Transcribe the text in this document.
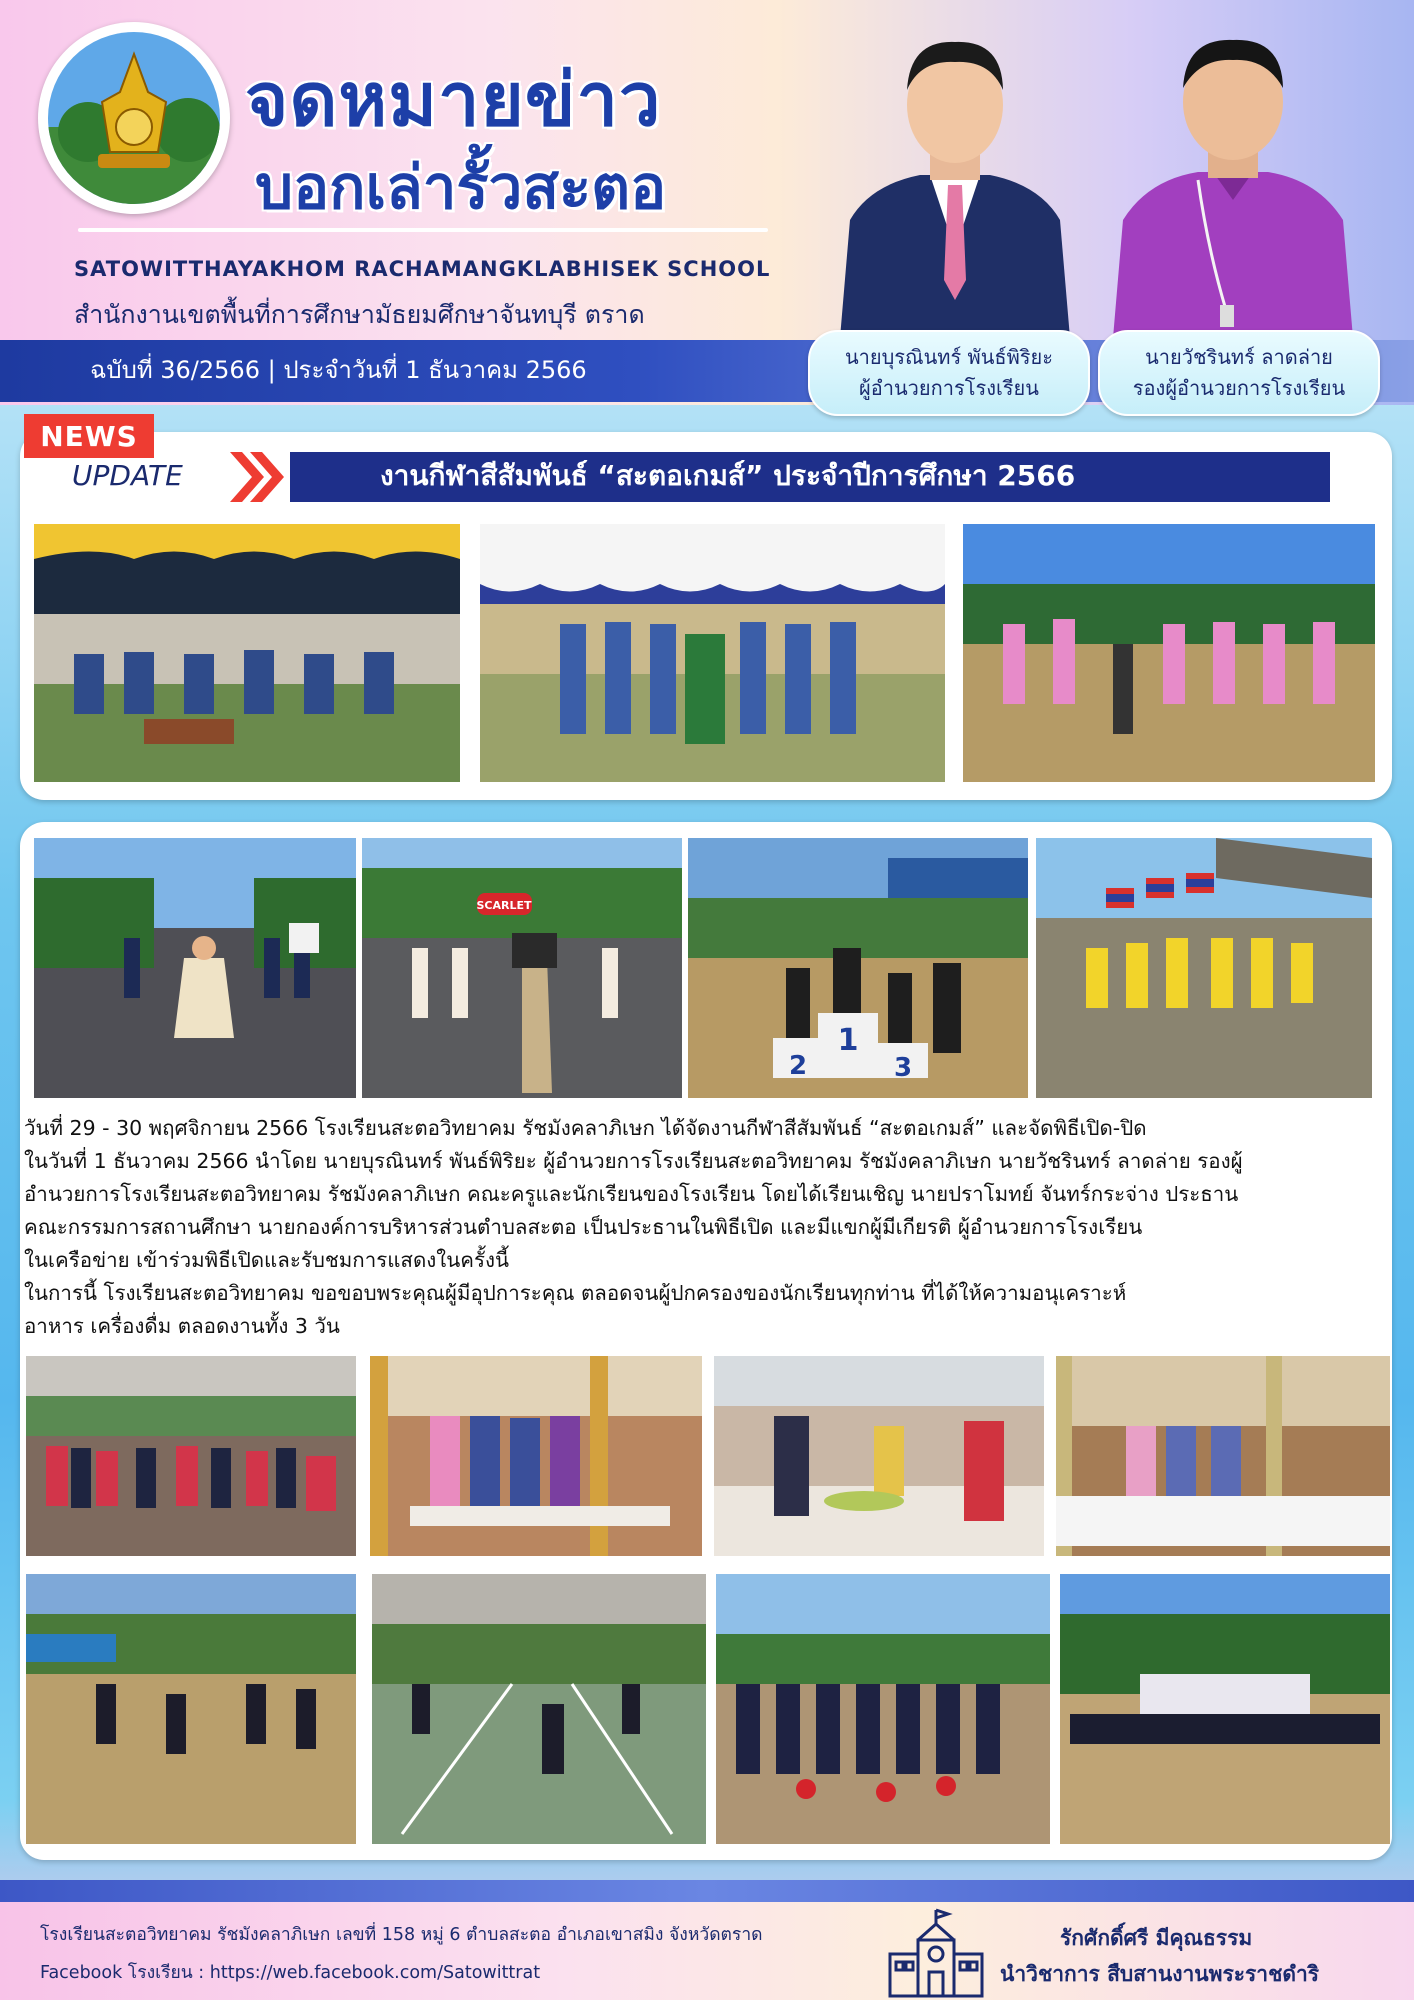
จดหมายข่าว
บอกเล่ารั้วสะตอ
SATOWITTHAYAKHOM RACHAMANGKLABHISEK SCHOOL
สำนักงานเขตพื้นที่การศึกษามัธยมศึกษาจันทบุรี ตราด
ฉบับที่ 36/2566 | ประจำวันที่ 1 ธันวาคม 2566	นายบุรณินทร์ พันธ์พิริยะ
ผู้อำนวยการโรงเรียน
นายวัชรินทร์ ลาดล่าย
รองผู้อำนวยการโรงเรียน
NEWS
UPDATE	งานกีฬาสีสัมพันธ์ “สะตอเกมส์” ประจำปีการศึกษา 2566
SCARLET
1
2	3

วันที่ 29 - 30 พฤศจิกายน 2566 โรงเรียนสะตอวิทยาคม รัชมังคลาภิเษก ได้จัดงานกีฬาสีสัมพันธ์ “สะตอเกมส์” และจัดพิธีเปิด-ปิด

ในวันที่ 1 ธันวาคม 2566 นำโดย นายบุรณินทร์ พันธ์พิริยะ ผู้อำนวยการโรงเรียนสะตอวิทยาคม รัชมังคลาภิเษก นายวัชรินทร์ ลาดล่าย รองผู้

อำนวยการโรงเรียนสะตอวิทยาคม รัชมังคลาภิเษก คณะครูและนักเรียนของโรงเรียน โดยได้เรียนเชิญ นายปราโมทย์ จันทร์กระจ่าง ประธาน

คณะกรรมการสถานศึกษา นายกองค์การบริหารส่วนตำบลสะตอ เป็นประธานในพิธีเปิด และมีแขกผู้มีเกียรติ ผู้อำนวยการโรงเรียน

ในเครือข่าย เข้าร่วมพิธีเปิดและรับชมการแสดงในครั้งนี้

ในการนี้ โรงเรียนสะตอวิทยาคม ขอขอบพระคุณผู้มีอุปการะคุณ ตลอดจนผู้ปกครองของนักเรียนทุกท่าน ที่ได้ให้ความอนุเคราะห์

อาหาร เครื่องดื่ม ตลอดงานทั้ง 3 วัน

โรงเรียนสะตอวิทยาคม รัชมังคลาภิเษก เลขที่ 158 หมู่ 6 ตำบลสะตอ อำเภอเขาสมิง จังหวัดตราด
Facebook โรงเรียน : https://web.facebook.com/Satowittrat
รักศักดิ์ศรี มีคุณธรรม
นำวิชาการ สืบสานงานพระราชดำริ
